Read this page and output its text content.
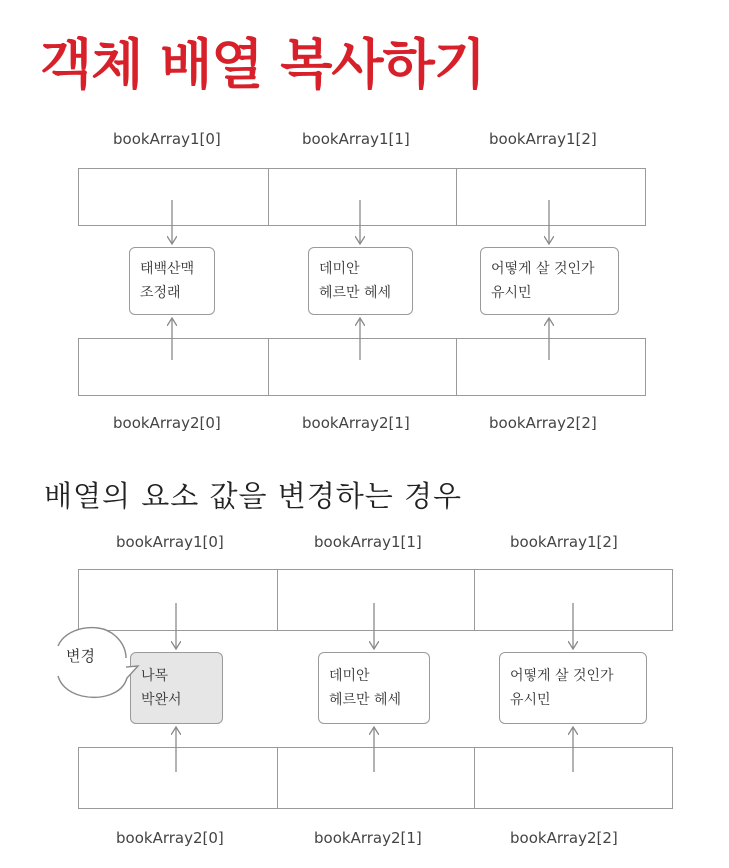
객체 배열 복사하기
bookArray1[0]	bookArray1[1]	bookArray1[2]
태백산맥
조정래
데미안
헤르만 헤세
어떻게 살 것인가
유시민
bookArray2[0]	bookArray2[1]	bookArray2[2]
배열의 요소 값을 변경하는 경우
bookArray1[0]	bookArray1[1]	bookArray1[2]
나목
박완서
데미안
헤르만 헤세
어떻게 살 것인가
유시민
bookArray2[0]	bookArray2[1]	bookArray2[2]
변경
